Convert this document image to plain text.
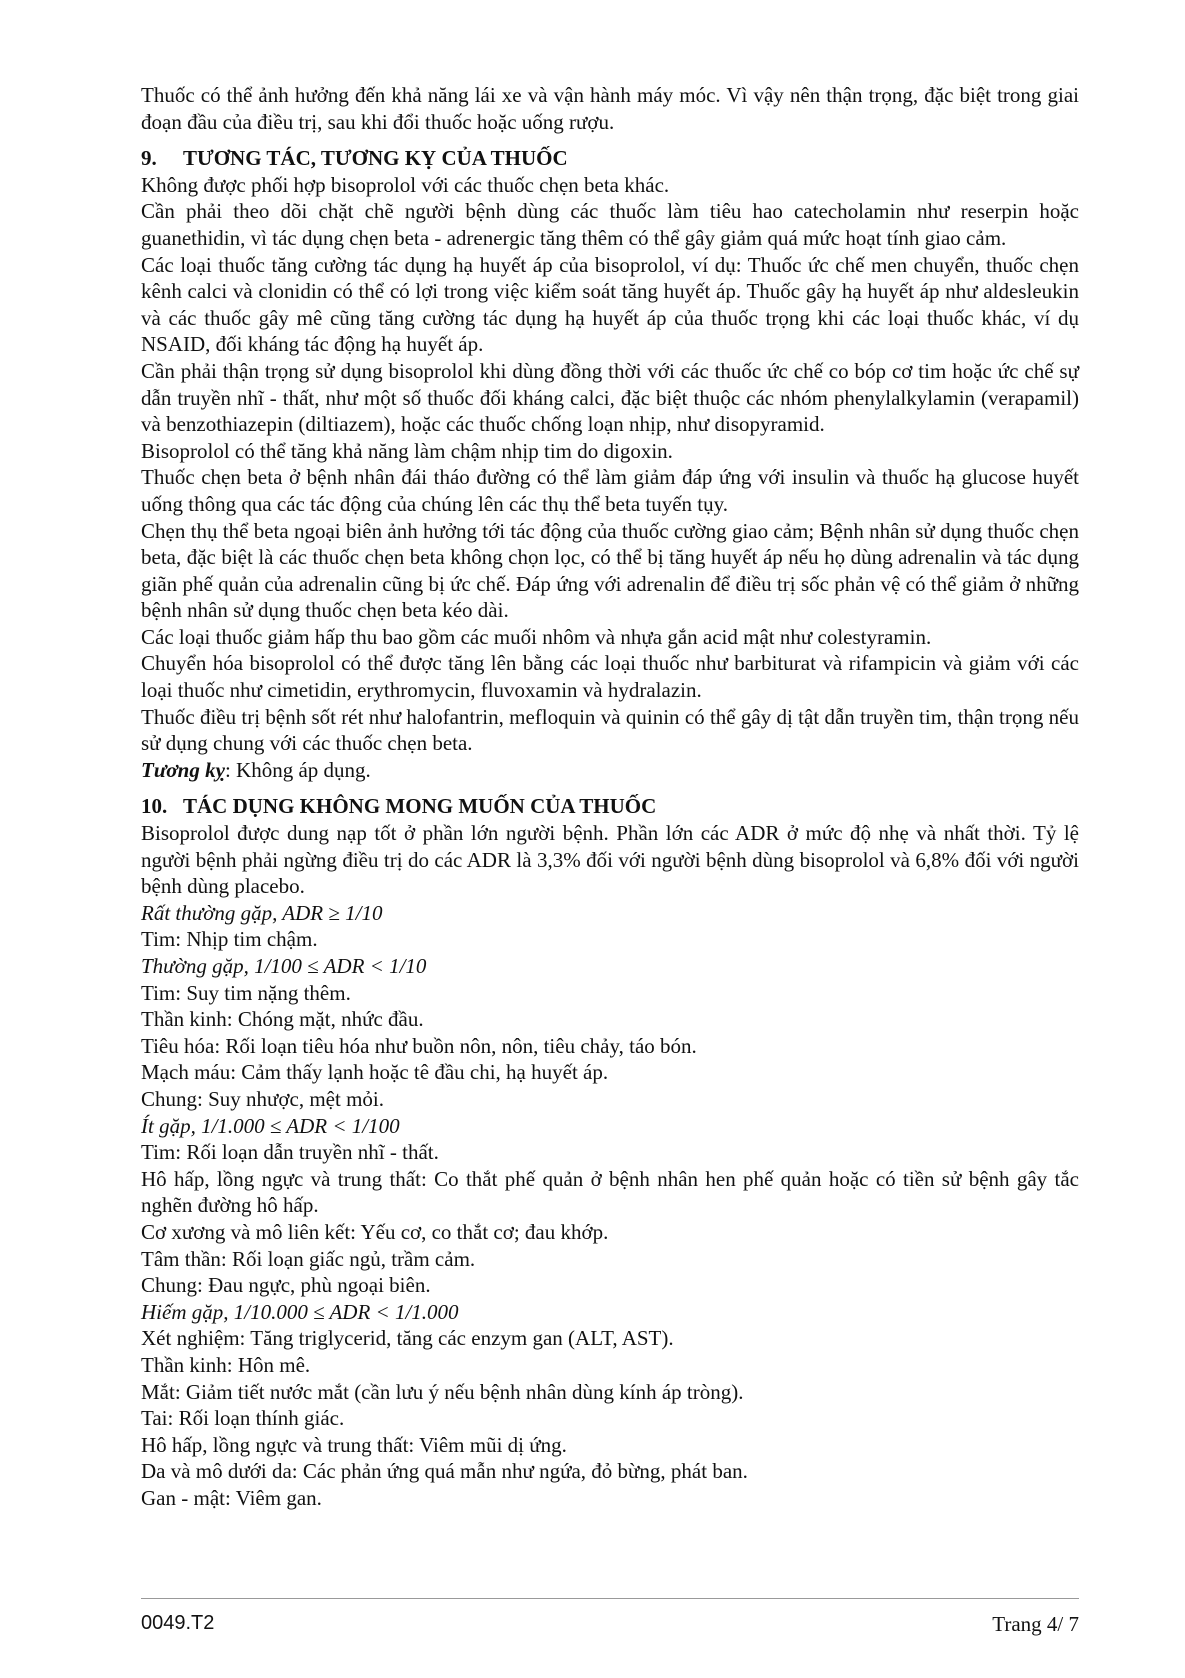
Thuốc có thể ảnh hưởng đến khả năng lái xe và vận hành máy móc. Vì vậy nên thận trọng, đặc biệt trong giai đoạn đầu của điều trị, sau khi đổi thuốc hoặc uống rượu.

9. TƯƠNG TÁC, TƯƠNG KỴ CỦA THUỐC

Không được phối hợp bisoprolol với các thuốc chẹn beta khác.

Cần phải theo dõi chặt chẽ người bệnh dùng các thuốc làm tiêu hao catecholamin như reserpin hoặc guanethidin, vì tác dụng chẹn beta - adrenergic tăng thêm có thể gây giảm quá mức hoạt tính giao cảm.

Các loại thuốc tăng cường tác dụng hạ huyết áp của bisoprolol, ví dụ: Thuốc ức chế men chuyển, thuốc chẹn kênh calci và clonidin có thể có lợi trong việc kiểm soát tăng huyết áp. Thuốc gây hạ huyết áp như aldesleukin và các thuốc gây mê cũng tăng cường tác dụng hạ huyết áp của thuốc trọng khi các loại thuốc khác, ví dụ NSAID, đối kháng tác động hạ huyết áp.

Cần phải thận trọng sử dụng bisoprolol khi dùng đồng thời với các thuốc ức chế co bóp cơ tim hoặc ức chế sự dẫn truyền nhĩ - thất, như một số thuốc đối kháng calci, đặc biệt thuộc các nhóm phenylalkylamin (verapamil) và benzothiazepin (diltiazem), hoặc các thuốc chống loạn nhịp, như disopyramid.

Bisoprolol có thể tăng khả năng làm chậm nhịp tim do digoxin.

Thuốc chẹn beta ở bệnh nhân đái tháo đường có thể làm giảm đáp ứng với insulin và thuốc hạ glucose huyết uống thông qua các tác động của chúng lên các thụ thể beta tuyến tụy.

Chẹn thụ thể beta ngoại biên ảnh hưởng tới tác động của thuốc cường giao cảm; Bệnh nhân sử dụng thuốc chẹn beta, đặc biệt là các thuốc chẹn beta không chọn lọc, có thể bị tăng huyết áp nếu họ dùng adrenalin và tác dụng giãn phế quản của adrenalin cũng bị ức chế. Đáp ứng với adrenalin để điều trị sốc phản vệ có thể giảm ở những bệnh nhân sử dụng thuốc chẹn beta kéo dài.

Các loại thuốc giảm hấp thu bao gồm các muối nhôm và nhựa gắn acid mật như colestyramin.

Chuyển hóa bisoprolol có thể được tăng lên bằng các loại thuốc như barbiturat và rifampicin và giảm với các loại thuốc như cimetidin, erythromycin, fluvoxamin và hydralazin.

Thuốc điều trị bệnh sốt rét như halofantrin, mefloquin và quinin có thể gây dị tật dẫn truyền tim, thận trọng nếu sử dụng chung với các thuốc chẹn beta.

Tương kỵ: Không áp dụng.

10. TÁC DỤNG KHÔNG MONG MUỐN CỦA THUỐC

Bisoprolol được dung nạp tốt ở phần lớn người bệnh. Phần lớn các ADR ở mức độ nhẹ và nhất thời. Tỷ lệ người bệnh phải ngừng điều trị do các ADR là 3,3% đối với người bệnh dùng bisoprolol và 6,8% đối với người bệnh dùng placebo.

Rất thường gặp, ADR ≥ 1/10

Tim: Nhịp tim chậm.

Thường gặp, 1/100 ≤ ADR < 1/10

Tim: Suy tim nặng thêm.

Thần kinh: Chóng mặt, nhức đầu.

Tiêu hóa: Rối loạn tiêu hóa như buồn nôn, nôn, tiêu chảy, táo bón.

Mạch máu: Cảm thấy lạnh hoặc tê đầu chi, hạ huyết áp.

Chung: Suy nhược, mệt mỏi.

Ít gặp, 1/1.000 ≤ ADR < 1/100

Tim: Rối loạn dẫn truyền nhĩ - thất.

Hô hấp, lồng ngực và trung thất: Co thắt phế quản ở bệnh nhân hen phế quản hoặc có tiền sử bệnh gây tắc nghẽn đường hô hấp.

Cơ xương và mô liên kết: Yếu cơ, co thắt cơ; đau khớp.

Tâm thần: Rối loạn giấc ngủ, trầm cảm.

Chung: Đau ngực, phù ngoại biên.

Hiếm gặp, 1/10.000 ≤ ADR < 1/1.000

Xét nghiệm: Tăng triglycerid, tăng các enzym gan (ALT, AST).

Thần kinh: Hôn mê.

Mắt: Giảm tiết nước mắt (cần lưu ý nếu bệnh nhân dùng kính áp tròng).

Tai: Rối loạn thính giác.

Hô hấp, lồng ngực và trung thất: Viêm mũi dị ứng.

Da và mô dưới da: Các phản ứng quá mẫn như ngứa, đỏ bừng, phát ban.

Gan - mật: Viêm gan.

0049.T2	Trang 4/ 7
